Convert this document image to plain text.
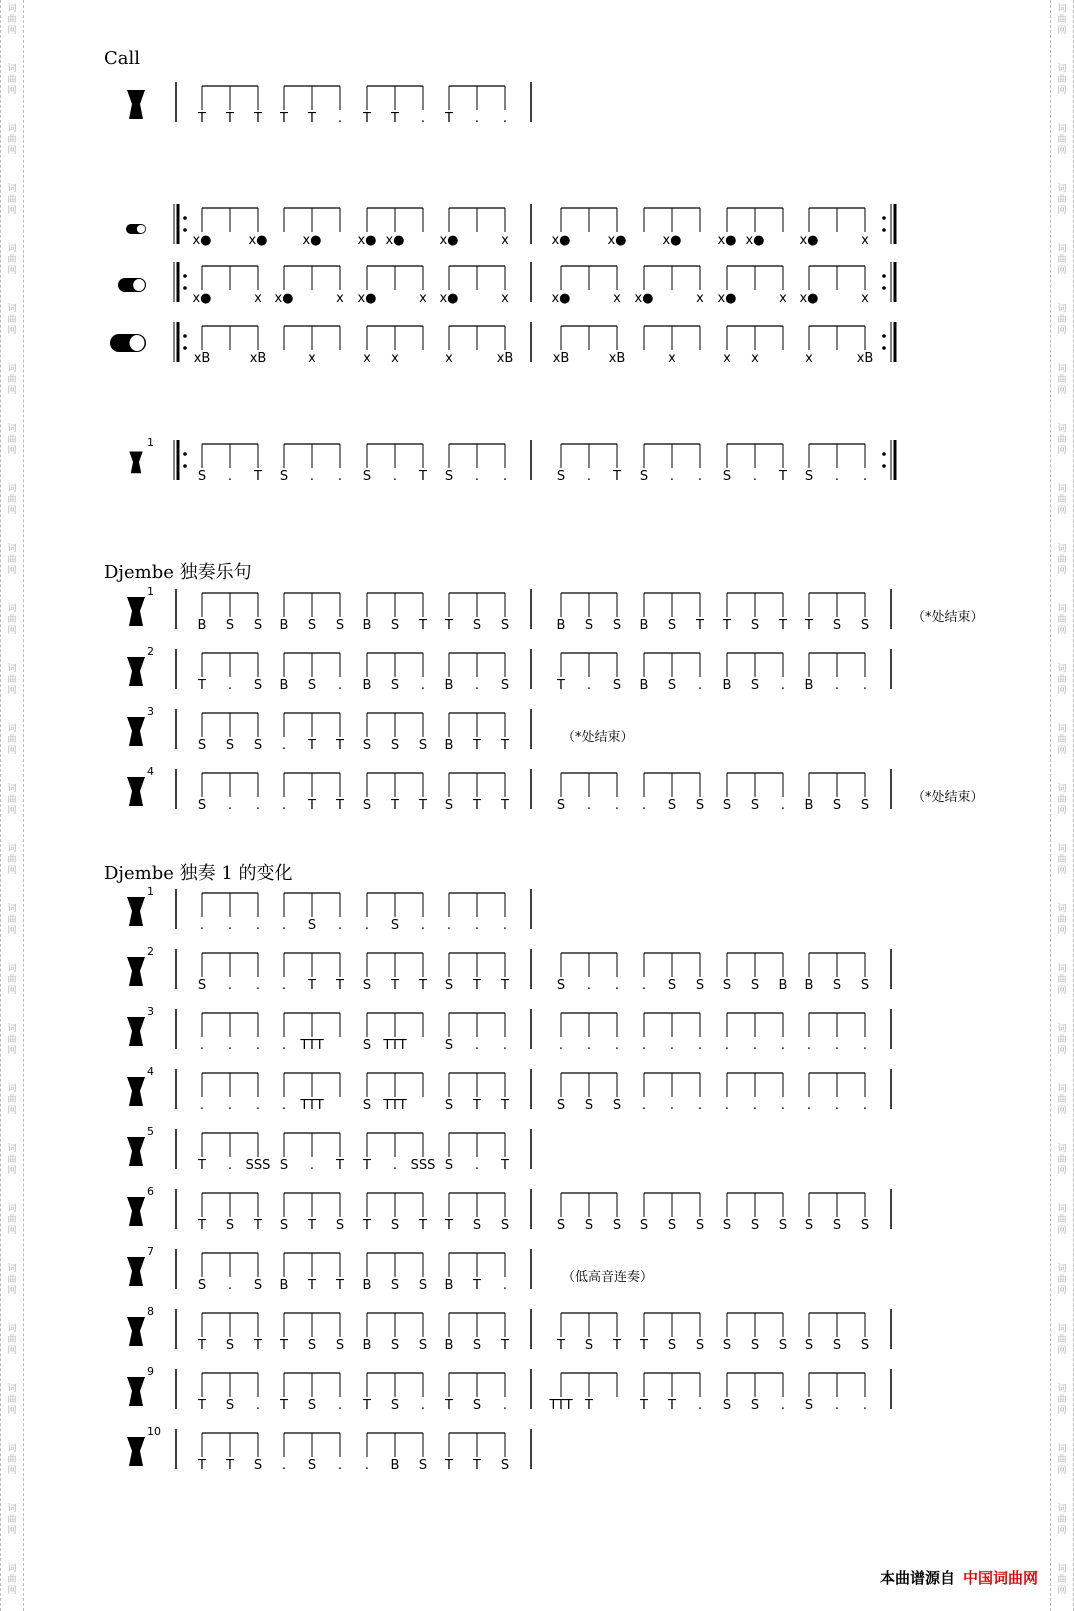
词
曲
网
词
曲
网
词
曲
网
词
曲
网
词
曲
网
词
曲
网
词
曲
网
词
曲
网
词
曲
网
词
曲
网
词
曲
网
词
曲
网
词
曲
网
词
曲
网
词
曲
网
词
曲
网
词
曲
网
词
曲
网
词
曲
网
词
曲
网
词
曲
网
词
曲
网
词
曲
网
词
曲
网
词
曲
网
词
曲
网
词
曲
网
词
曲
网
词
曲
网
词
曲
网
词
曲
网
词
曲
网
词
曲
网
词
曲
网
词
曲
网
词
曲
网
词
曲
网
词
曲
网
词
曲
网
词
曲
网
词
曲
网
词
曲
网
词
曲
网
词
曲
网
词
曲
网
词
曲
网
词
曲
网
词
曲
网
词
曲
网
词
曲
网
词
曲
网
词
曲
网
词
曲
网
词
曲
网
Call
Djembe 独奏乐句
Djembe 独奏 1 的变化
T T T T T . T T . T . .
x●	x●	x●	x● x●	x●	x	x●	x●	x●	x● x●	x●	x
x●	x x●	x x●	x x●	x	x●	x x●	x x●	x x●	x
xB	xB	x	x x	x	xB	xB	xB	x	x x	x	xB
1
S . T S . . S . T S . .	S . T S . . S . T S . .
1
B S S B S S B S T T S S	B S S B S T T S T T S S
（*处结束）
2
T . S B S . B S . B . S	T . S B S . B S . B . .
3
S S S . T T S S S B T T
（*处结束）
4
S . . . T T S T T S T T	S . . . S S S S . B S S
（*处结束）
1
. . . . S . . S . . . .
2
S . . . T T S T T S T T	S . . . S S S S B B S S
3
. . . . TTT	S TTT	S . .	. . . . . . . . . . . .
4
. . . . TTT	S TTT	S T T	S S S . . . . . . . . .
5
T . SSS S . T T . SSS S . T
6
T S T S T S T S T T S S	S S S S S S S S S S S S
7
S . S B T T B S S B T .
（低高音连奏）
8
T S T T S S B S S B S T	T S T T S S S S S S S S
9
T S . T S . T S . T S .	TTT T	T T . S S . S . .
10
T T S . S . . B S T T S
本曲谱源自 中国词曲网
